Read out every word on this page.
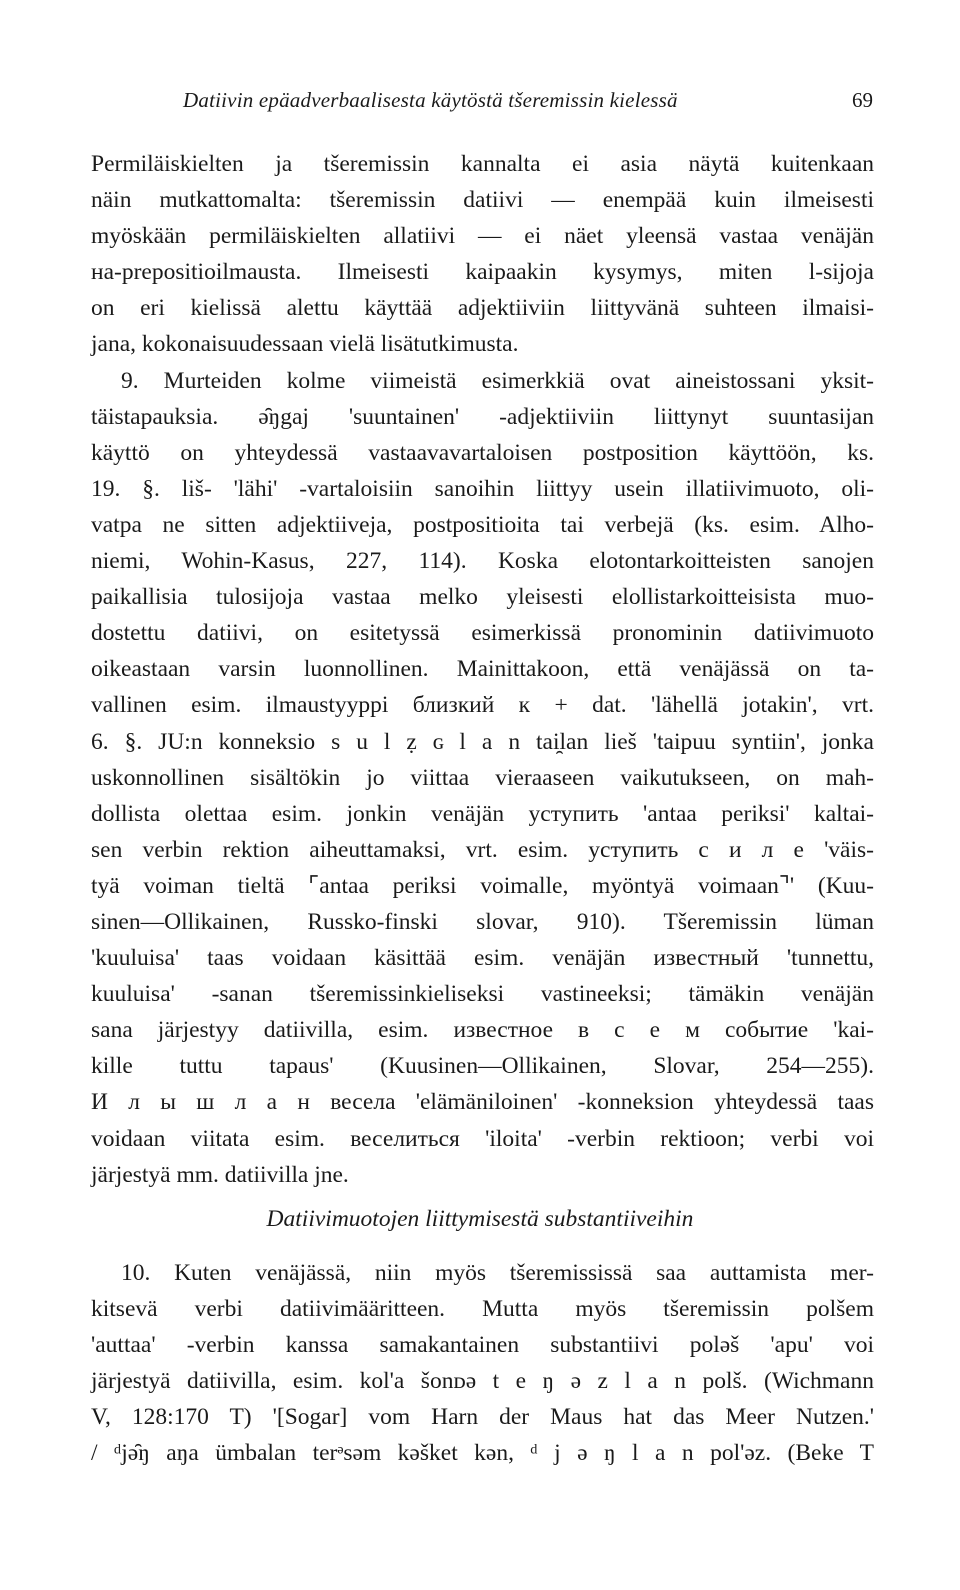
Datiivin epäadverbaalisesta käytöstä tšeremissin kielessä	69
Permiläiskielten ja tšeremissin kannalta ei asia näytä kuitenkaan
näin mutkattomalta: tšeremissin datiivi — enempää kuin ilmeisesti
myöskään permiläiskielten allatiivi — ei näet yleensä vastaa venäjän
на-prepositioilmausta. Ilmeisesti kaipaakin kysymys, miten l-sijoja
on eri kielissä alettu käyttää adjektiiviin liittyvänä suhteen ilmaisi-
jana, kokonaisuudessaan vielä lisätutkimusta.
9. Murteiden kolme viimeistä esimerkkiä ovat aineistossani yksit-
täistapauksia. ə̑ŋgaj 'suuntainen' -adjektiiviin liittynyt suuntasijan
käyttö on yhteydessä vastaavavartaloisen postposition käyttöön, ks.
19. §. liš- 'lähi' -vartaloisiin sanoihin liittyy usein illatiivimuoto, oli-
vatpa ne sitten adjektiiveja, postpositioita tai verbejä (ks. esim. Alho-
niemi, Wohin-Kasus, 227, 114). Koska elotontarkoitteisten sanojen
paikallisia tulosijoja vastaa melko yleisesti elollistarkoitteisista muo-
dostettu datiivi, on esitetyssä esimerkissä pronominin datiivimuoto
oikeastaan varsin luonnollinen. Mainittakoon, että venäjässä on ta-
vallinen esim. ilmaustyyppi близкий к + dat. 'lähellä jotakin', vrt.
6. §. JU:n konneksio s u l ẓ ɢ l a n tai̯lan lieš 'taipuu syntiin', jonka
uskonnollinen sisältökin jo viittaa vieraaseen vaikutukseen, on mah-
dollista olettaa esim. jonkin venäjän уступить 'antaa periksi' kaltai-
sen verbin rektion aiheuttamaksi, vrt. esim. уступить с и л е 'väis-
tyä voiman tieltä ⌜antaa periksi voimalle, myöntyä voimaan⌝' (Kuu-
sinen—Ollikainen, Russko-finski slovar, 910). Tšeremissin lüman
'kuuluisa' taas voidaan käsittää esim. venäjän известный 'tunnettu,
kuuluisa' -sanan tšeremissinkieliseksi vastineeksi; tämäkin venäjän
sana järjestyy datiivilla, esim. известное в с е м событие 'kai-
kille tuttu tapaus' (Kuusinen—Ollikainen, Slovar, 254—255).
И л ы ш л а н весела 'elämäniloinen' -konneksion yhteydessä taas
voidaan viitata esim. веселиться 'iloita' -verbin rektioon; verbi voi
järjestyä mm. datiivilla jne.
Datiivimuotojen liittymisestä substantiiveihin
10. Kuten venäjässä, niin myös tšeremississä saa auttamista mer-
kitsevä verbi datiivimääritteen. Mutta myös tšeremissin polšem
'auttaa' -verbin kanssa samakantainen substantiivi poləš 'apu' voi
järjestyä datiivilla, esim. kol'a šonᴅə t e ŋ ə z l a n polš. (Wichmann
V, 128:170 T) '[Sogar] vom Harn der Maus hat das Meer Nutzen.'
/ ᵈjə̑ŋ aŋa ümbalan terᵊsəm kəšket kən, ᵈ j ə ŋ l a n pol'əz. (Beke T
